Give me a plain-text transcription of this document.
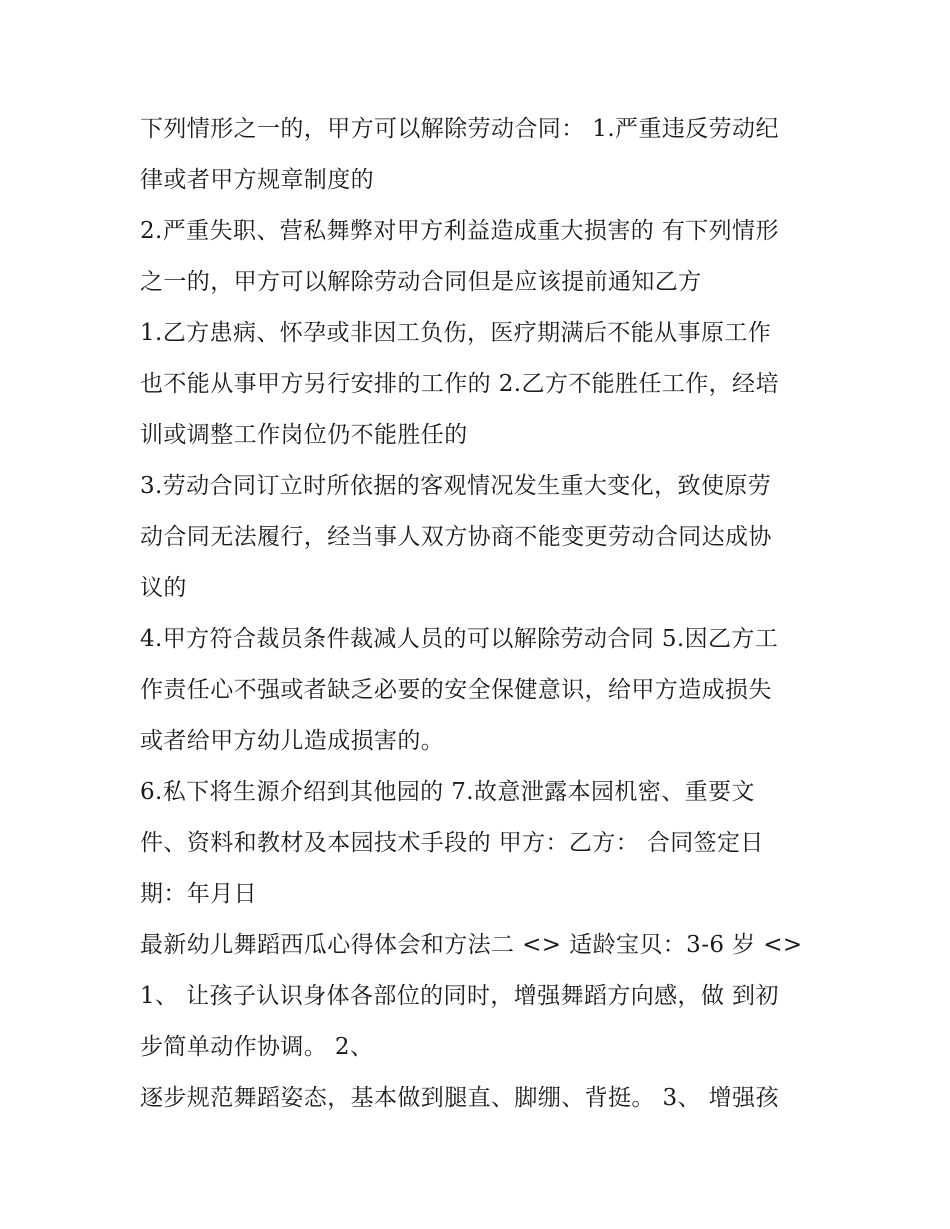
下列情形之一的，甲方可以解除劳动合同： 1.严重违反劳动纪
律或者甲方规章制度的
2.严重失职、营私舞弊对甲方利益造成重大损害的 有下列情形
之一的，甲方可以解除劳动合同但是应该提前通知乙方
1.乙方患病、怀孕或非因工负伤，医疗期满后不能从事原工作
也不能从事甲方另行安排的工作的 2.乙方不能胜任工作，经培
训或调整工作岗位仍不能胜任的
3.劳动合同订立时所依据的客观情况发生重大变化，致使原劳
动合同无法履行，经当事人双方协商不能变更劳动合同达成协
议的
4.甲方符合裁员条件裁减人员的可以解除劳动合同 5.因乙方工
作责任心不强或者缺乏必要的安全保健意识，给甲方造成损失
或者给甲方幼儿造成损害的。
6.私下将生源介绍到其他园的 7.故意泄露本园机密、重要文
件、资料和教材及本园技术手段的 甲方：乙方： 合同签定日
期：年月日
最新幼儿舞蹈西瓜心得体会和方法二 <> 适龄宝贝：3-6 岁 <>
1、 让孩子认识身体各部位的同时，增强舞蹈方向感，做 到初
步简单动作协调。 2、
逐步规范舞蹈姿态，基本做到腿直、脚绷、背挺。 3、 增强孩
